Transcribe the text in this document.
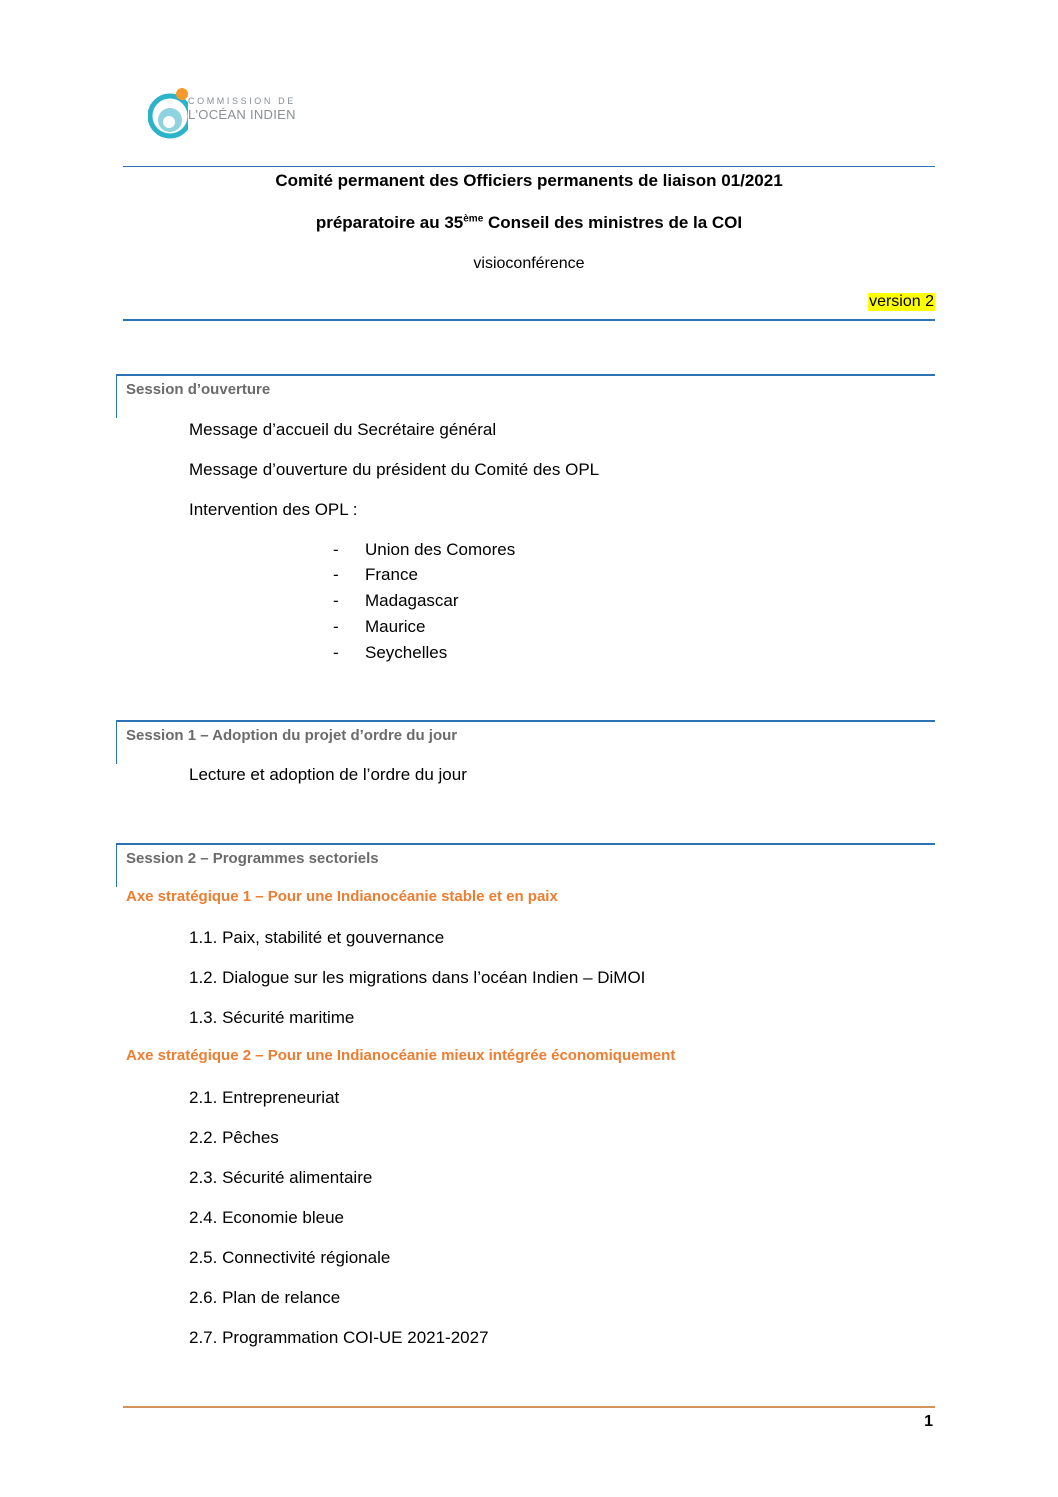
COMMISSION DE
L'OCÉAN INDIEN
Comité permanent des Officiers permanents de liaison 01/2021
préparatoire au 35ème Conseil des ministres de la COI
visioconférence
version 2
Session d’ouverture
Message d’accueil du Secrétaire général
Message d’ouverture du président du Comité des OPL
Intervention des OPL :
- Union des Comores
- France
- Madagascar
- Maurice
- Seychelles
Session 1 – Adoption du projet d’ordre du jour
Lecture et adoption de l’ordre du jour
Session 2 – Programmes sectoriels
Axe stratégique 1 – Pour une Indianocéanie stable et en paix
1.1. Paix, stabilité et gouvernance
1.2. Dialogue sur les migrations dans l’océan Indien – DiMOI
1.3. Sécurité maritime
Axe stratégique 2 – Pour une Indianocéanie mieux intégrée économiquement
2.1. Entrepreneuriat
2.2. Pêches
2.3. Sécurité alimentaire
2.4. Economie bleue
2.5. Connectivité régionale
2.6. Plan de relance
2.7. Programmation COI-UE 2021-2027
1
